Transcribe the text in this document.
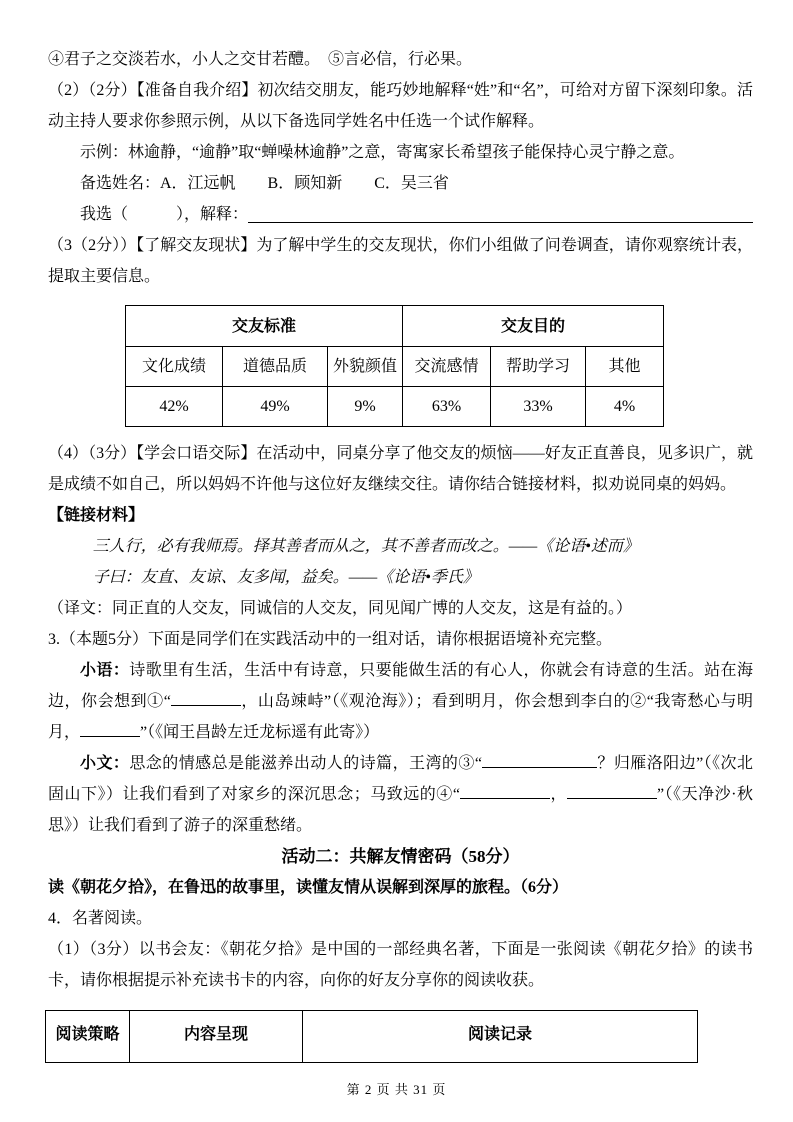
④君子之交淡若水，小人之交甘若醴。　⑤言必信，行必果。

（2）（2分）【准备自我介绍】初次结交朋友，能巧妙地解释“姓”和“名”，可给对方留下深刻印象。活动主持人要求你参照示例，从以下备选同学姓名中任选一个试作解释。

示例：林逾静，“逾静”取“蝉噪林逾静”之意，寄寓家长希望孩子能保持心灵宁静之意。

备选姓名：A．江远帆　　B．顾知新　　C．吴三省

我选（　　　），解释：

（3（2分））【了解交友现状】为了解中学生的交友现状，你们小组做了问卷调查，请你观察统计表，提取主要信息。

交友标准			交友目的		
文化成绩	道德品质	外貌颜值	交流感情	帮助学习	其他
42%	49%	9%	63%	33%	4%

（4）（3分）【学会口语交际】在活动中，同桌分享了他交友的烦恼——好友正直善良，见多识广，就是成绩不如自己，所以妈妈不许他与这位好友继续交往。请你结合链接材料，拟劝说同桌的妈妈。

【链接材料】

三人行，必有我师焉。择其善者而从之，其不善者而改之。——《论语•述而》

子曰：友直、友谅、友多闻，益矣。——《论语•季氏》

（译文：同正直的人交友，同诚信的人交友，同见闻广博的人交友，这是有益的。）

3.（本题5分）下面是同学们在实践活动中的一组对话，请你根据语境补充完整。

小语：诗歌里有生活，生活中有诗意，只要能做生活的有心人，你就会有诗意的生活。站在海边，你会想到①“	，山岛竦峙”（《观沧海》）；看到明月，你会想到李白的②“我寄愁心与明月，	”（《闻王昌龄左迁龙标遥有此寄》）

小文：思念的情感总是能滋养出动人的诗篇，王湾的③“	？归雁洛阳边”（《次北固山下》）让我们看到了对家乡的深沉思念；马致远的④“	，	”（《天净沙·秋思》）让我们看到了游子的深重愁绪。

活动二：共解友情密码（58分）

读《朝花夕拾》，在鲁迅的故事里，读懂友情从误解到深厚的旅程。（6分）

4．名著阅读。

（1）（3分）以书会友：《朝花夕拾》是中国的一部经典名著，下面是一张阅读《朝花夕拾》的读书卡，请你根据提示补充读书卡的内容，向你的好友分享你的阅读收获。

阅读策略	内容呈现	阅读记录
第 2 页 共 31 页
